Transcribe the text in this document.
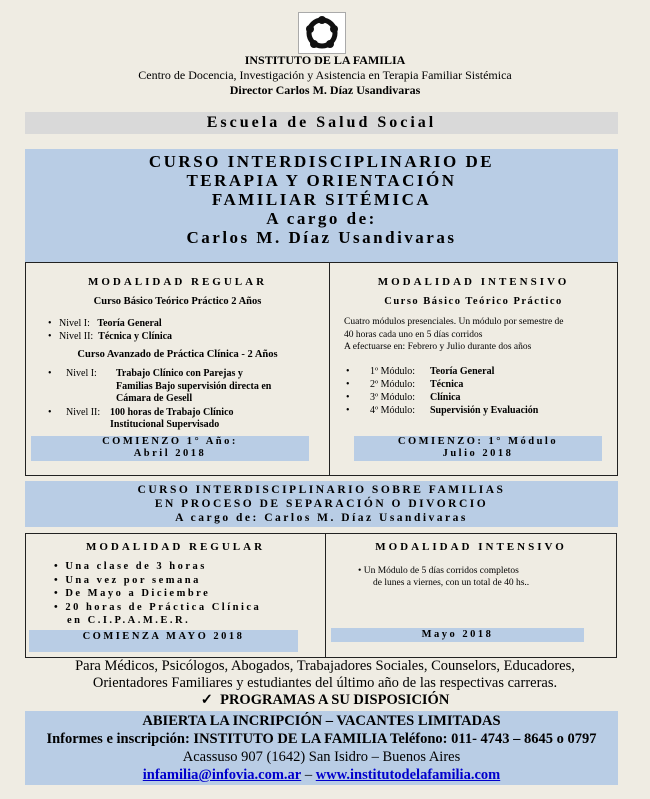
INSTITUTO DE LA FAMILIA
Centro de Docencia, Investigación y Asistencia en Terapia Familiar Sistémica
Director Carlos M. Díaz Usandivaras
Escuela de Salud Social
CURSO INTERDISCIPLINARIO DE
TERAPIA Y ORIENTACIÓN
FAMILIAR SITÉMICA
A cargo de:
Carlos M. Díaz Usandivaras
MODALIDAD REGULAR
Curso Básico Teórico Práctico 2 Años
•   Nivel I: Teoría General
•   Nivel II: Técnica y Clínica
Curso Avanzado de Práctica Clínica - 2 Años
• Nivel I: Trabajo Clínico con Parejas y
Familias Bajo supervisión directa en
Cámara de Gesell
• Nivel II: 100 horas de Trabajo Clínico
Institucional Supervisado
COMIENZO 1° Año:
Abril 2018
MODALIDAD INTENSIVO
Curso Básico Teórico Práctico
Cuatro módulos presenciales. Un módulo por semestre de
40 horas cada uno en 5 días corridos
A efectuarse en: Febrero y Julio durante dos años
• 1º Módulo: Teoría General
• 2º Módulo: Técnica
• 3º Módulo: Clínica
• 4º Módulo: Supervisión y Evaluación
COMIENZO: 1° Módulo
Julio 2018
CURSO INTERDISCIPLINARIO SOBRE FAMILIAS
EN PROCESO DE SEPARACIÓN O DIVORCIO
A cargo de: Carlos M. Díaz Usandivaras
MODALIDAD REGULAR
• Una clase de 3 horas
• Una vez por semana
• De Mayo a Diciembre
• 20 horas de Práctica Clínica
en C.I.P.A.M.E.R.
COMIENZA MAYO 2018
MODALIDAD INTENSIVO
• Un Módulo de 5 días corridos completos
de lunes a viernes, con un total de 40 hs..
Mayo 2018
Para Médicos, Psicólogos, Abogados, Trabajadores Sociales, Counselors, Educadores,
Orientadores Familiares y estudiantes del último año de las respectivas carreras.
✓ PROGRAMAS A SU DISPOSICIÓN
ABIERTA LA INCRIPCIÓN – VACANTES LIMITADAS
Informes e inscripción: INSTITUTO DE LA FAMILIA Teléfono: 011- 4743 – 8645 o 0797
Acassuso 907 (1642) San Isidro – Buenos Aires
infamilia@infovia.com.ar – www.institutodelafamilia.com
